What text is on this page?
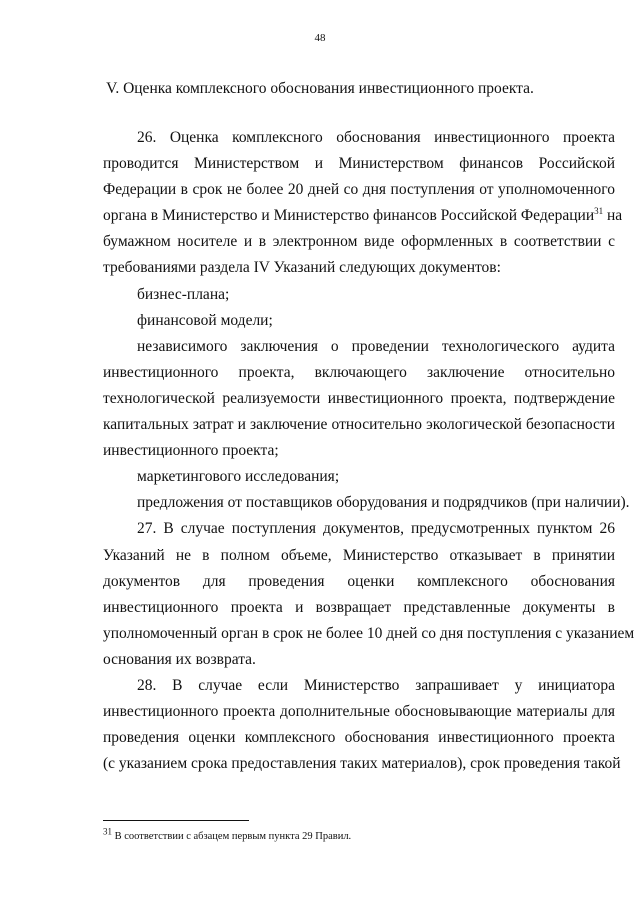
48
V. Оценка комплексного обоснования инвестиционного проекта.
26. Оценка комплексного обоснования инвестиционного проекта
проводится Министерством и Министерством финансов Российской
Федерации в срок не более 20 дней со дня поступления от уполномоченного
органа в Министерство и Министерство финансов Российской Федерации$^{31}$ на
бумажном носителе и в электронном виде оформленных в соответствии с
требованиями раздела IV Указаний следующих документов:
бизнес-плана;
финансовой модели;
независимого заключения о проведении технологического аудита
инвестиционного проекта, включающего заключение относительно
технологической реализуемости инвестиционного проекта, подтверждение
капитальных затрат и заключение относительно экологической безопасности
инвестиционного проекта;
маркетингового исследования;
предложения от поставщиков оборудования и подрядчиков (при наличии).
27. В случае поступления документов, предусмотренных пунктом 26
Указаний не в полном объеме, Министерство отказывает в принятии
документов для проведения оценки комплексного обоснования
инвестиционного проекта и возвращает представленные документы в
уполномоченный орган в срок не более 10 дней со дня поступления с указанием
основания их возврата.
28. В случае если Министерство запрашивает у инициатора
инвестиционного проекта дополнительные обосновывающие материалы для
проведения оценки комплексного обоснования инвестиционного проекта
(с указанием срока предоставления таких материалов), срок проведения такой
$^{31}$ В соответствии с абзацем первым пункта 29 Правил.
